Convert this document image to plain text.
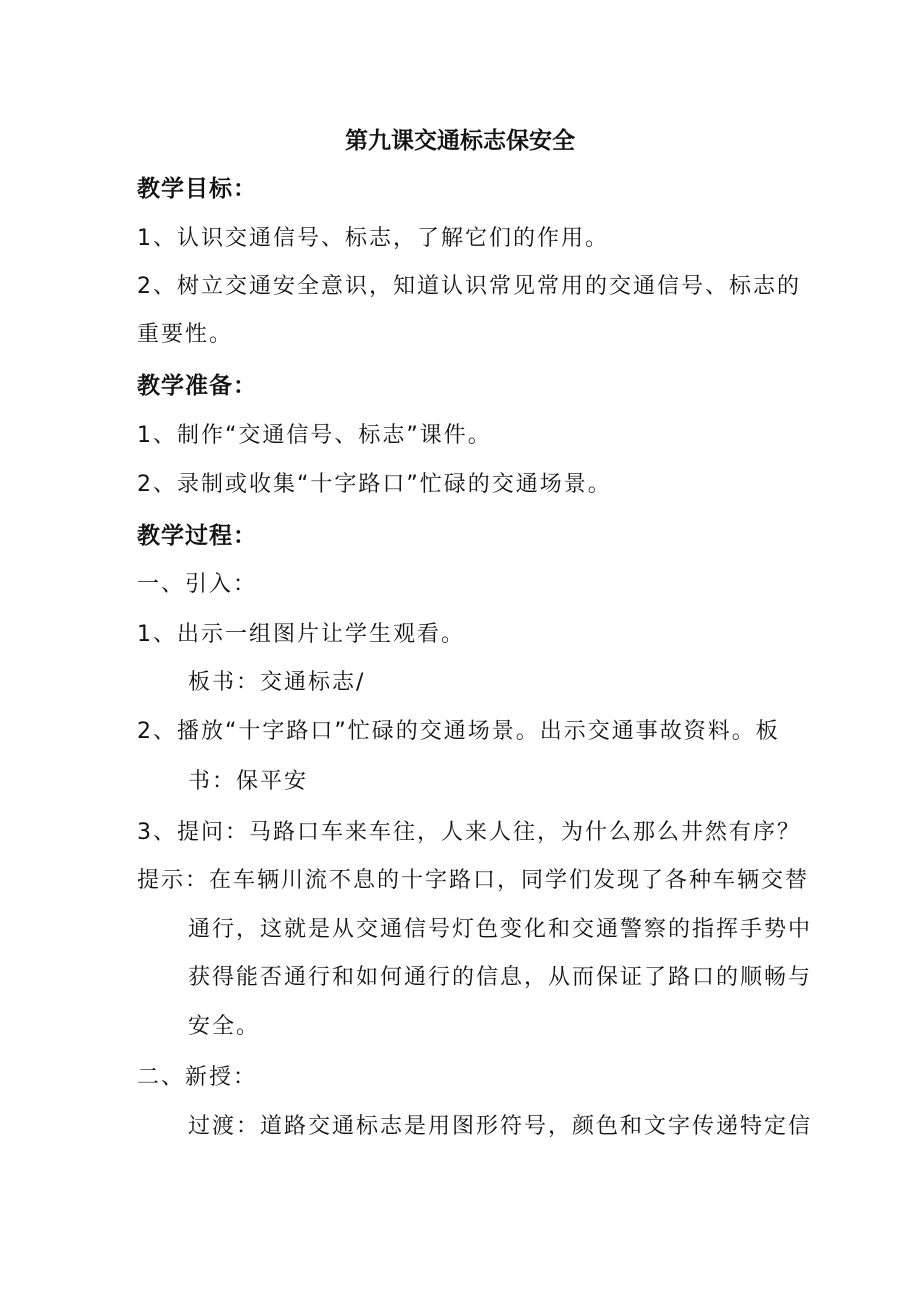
第九课交通标志保安全
教学目标：
1、认识交通信号、标志，了解它们的作用。
2、树立交通安全意识，知道认识常见常用的交通信号、标志的
重要性。
教学准备：
1、制作“交通信号、标志”课件。
2、录制或收集“十字路口”忙碌的交通场景。
教学过程：
一、引入：
1、出示一组图片让学生观看。
板书：交通标志/
2、播放“十字路口”忙碌的交通场景。出示交通事故资料。板
书：保平安
3、提问：马路口车来车往，人来人往，为什么那么井然有序？
提示：在车辆川流不息的十字路口，同学们发现了各种车辆交替
通行，这就是从交通信号灯色变化和交通警察的指挥手势中
获得能否通行和如何通行的信息，从而保证了路口的顺畅与
安全。
二、新授：
过渡：道路交通标志是用图形符号，颜色和文字传递特定信
